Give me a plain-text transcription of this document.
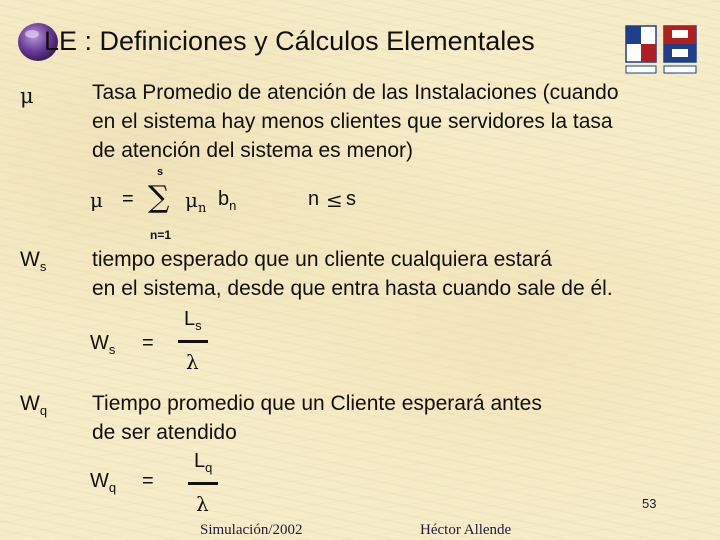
LE : Definiciones y Cálculos Elementales
μ	Tasa Promedio de atención de las Instalaciones (cuando
en el sistema hay menos clientes que servidores la tasa
de atención del sistema es menor)
μ =
s
∑ $\mu_n$ $b_n$
n=1
n ≤ s
$W_s$ tiempo esperado que un cliente cualquiera estará
en el sistema, desde que entra hasta cuando sale de él.
$W_s$ =
$L_s$
λ
$W_q$ Tiempo promedio que un Cliente esperará antes
de ser atendido
$W_q$ =
$L_q$
λ	53
Simulación/2002	Héctor Allende
